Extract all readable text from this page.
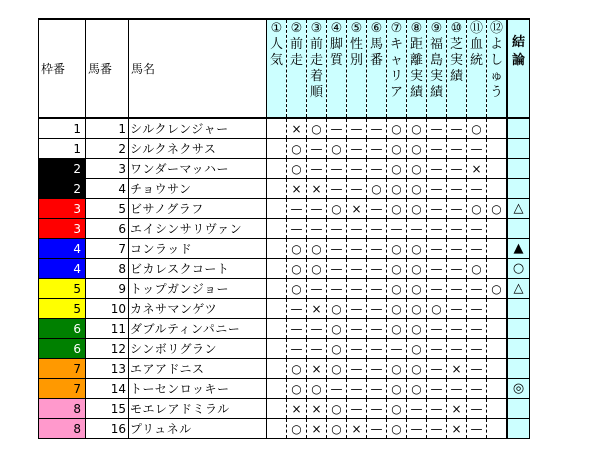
枠番	馬番	馬名	①人気	②前走	③前走着順	④脚質	⑤性別	⑥馬番	⑦キャリア	⑧距離実績	⑨福島実績	⑩芝実績	⑪血統	⑫よしゅう	結論

1	1	シルクレンジャー		×	○	—	—	—	○	○	—	—	○		
1	2	シルクネクサス		○	—	○	—	—	○	○	—	—	—		
2	3	ワンダーマッハー		○	—	—	—	—	○	○	—	—	×		
2	4	チョウサン		×	×	—	—	○	○	○	—	—	—		
3	5	ビサノグラフ		—	—	○	×	—	○	○	—	—	○	○	△
3	6	エイシンサリヴァン		—	—	—	—	—	—	—	—	—	—		
4	7	コンラッド		○	○	—	—	—	○	○	—	—	—		▲
4	8	ビカレスクコート		○	○	—	—	—	○	○	—	—	○		○
5	9	トップガンジョー		○	—	—	—	—	○	○	—	—	—	○	△
5	10	カネサマンゲツ		—	×	○	—	—	○	○	○	—	—		
6	11	ダブルティンパニー		—	—	○	—	—	○	○	—	—	—		
6	12	シンボリグラン		—	—	○	—	—	—	○	—	—	—		
7	13	エアアドニス		○	×	○	—	—	○	○	—	×	—		
7	14	トーセンロッキー		○	○	—	—	—	○	○	—	—	—		◎
8	15	モエレアドミラル		×	×	○	—	—	○	—	—	×	—		
8	16	プリュネル		○	×	○	×	—	○	—	—	×	—		
